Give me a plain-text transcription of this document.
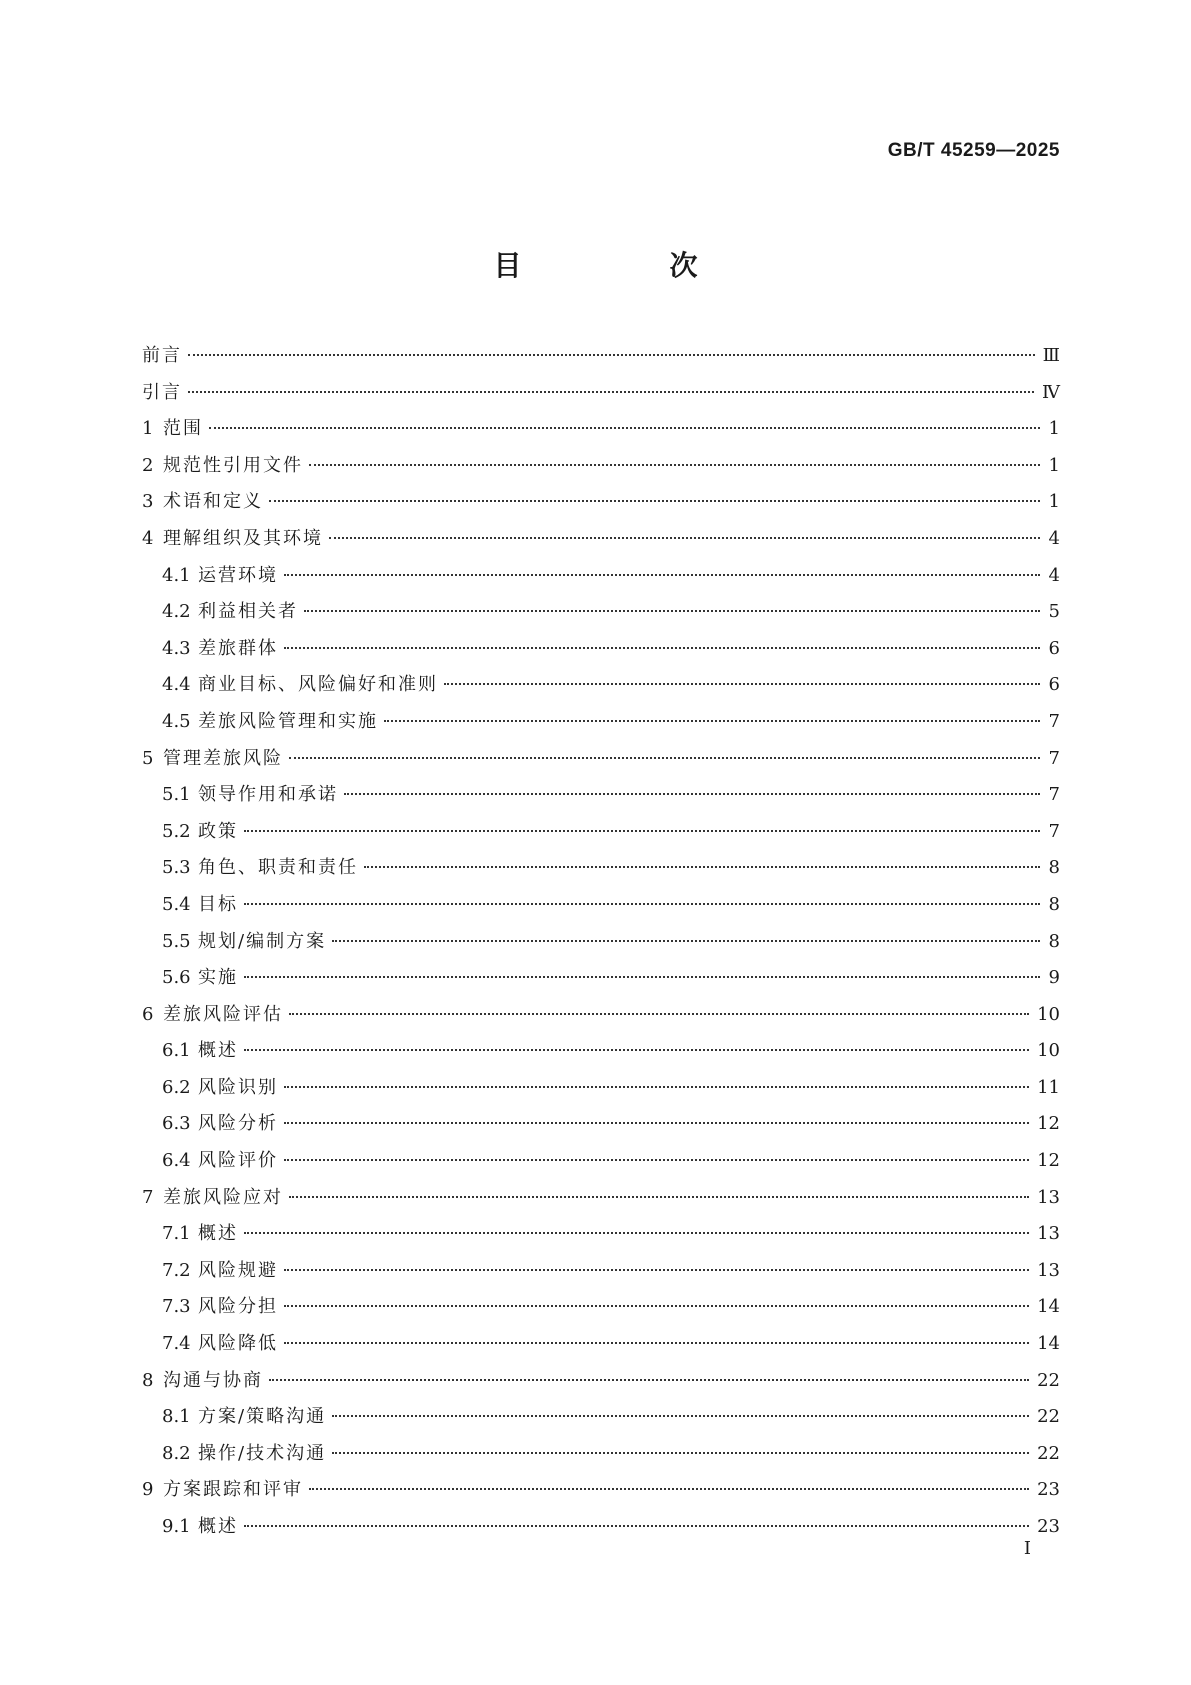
GB/T 45259—2025
目　次
前言	Ⅲ
引言	Ⅳ
1 范围	1
2 规范性引用文件	1
3 术语和定义	1
4 理解组织及其环境	4
4.1 运营环境	4
4.2 利益相关者	5
4.3 差旅群体	6
4.4 商业目标、风险偏好和准则	6
4.5 差旅风险管理和实施	7
5 管理差旅风险	7
5.1 领导作用和承诺	7
5.2 政策	7
5.3 角色、职责和责任	8
5.4 目标	8
5.5 规划/编制方案	8
5.6 实施	9
6 差旅风险评估	10
6.1 概述	10
6.2 风险识别	11
6.3 风险分析	12
6.4 风险评价	12
7 差旅风险应对	13
7.1 概述	13
7.2 风险规避	13
7.3 风险分担	14
7.4 风险降低	14
8 沟通与协商	22
8.1 方案/策略沟通	22
8.2 操作/技术沟通	22
9 方案跟踪和评审	23
9.1 概述	23
I
